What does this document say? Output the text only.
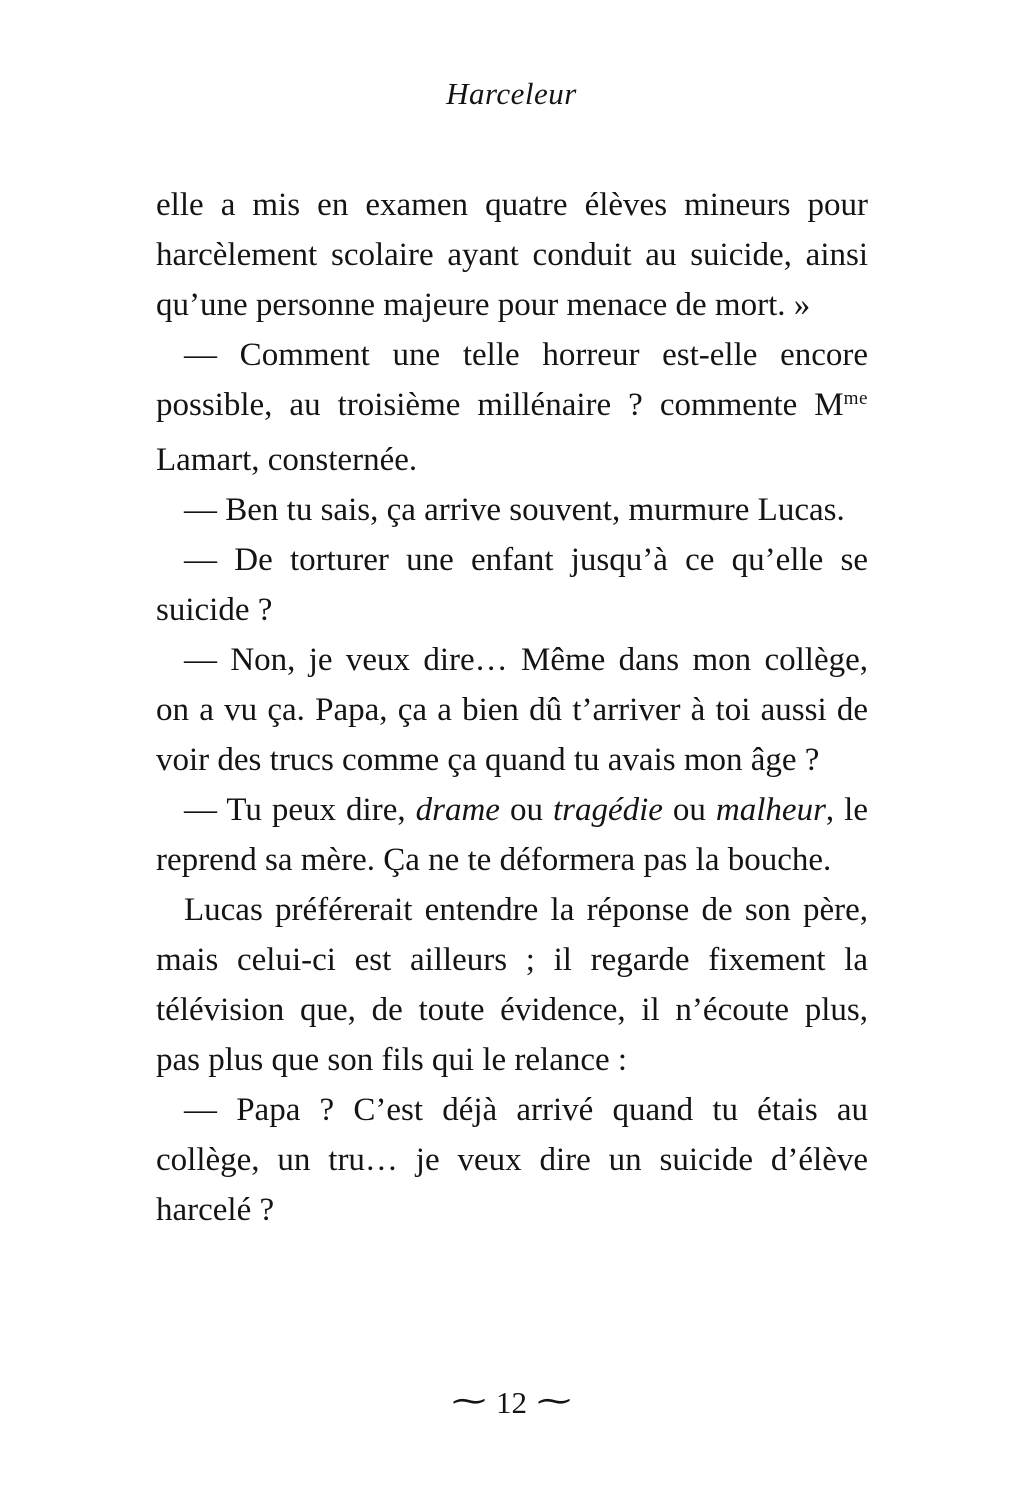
Harceleur

elle a mis en examen quatre élèves mineurs pour harcèlement scolaire ayant conduit au suicide, ainsi qu’une personne majeure pour menace de mort. »

— Comment une telle horreur est-elle encore possible, au troisième millénaire ? commente $M^{me}$ Lamart, consternée.

— Ben tu sais, ça arrive souvent, murmure Lucas.

— De torturer une enfant jusqu’à ce qu’elle se suicide ?

— Non, je veux dire… Même dans mon collège, on a vu ça. Papa, ça a bien dû t’arriver à toi aussi de voir des trucs comme ça quand tu avais mon âge ?

— Tu peux dire, drame ou tragédie ou malheur, le reprend sa mère. Ça ne te déformera pas la bouche.

Lucas préférerait entendre la réponse de son père, mais celui-ci est ailleurs ; il regarde fixement la télévision que, de toute évidence, il n’écoute plus, pas plus que son fils qui le relance :

— Papa ? C’est déjà arrivé quand tu étais au collège, un tru… je veux dire un suicide d’élève harcelé ?

∼ 12 ∼
